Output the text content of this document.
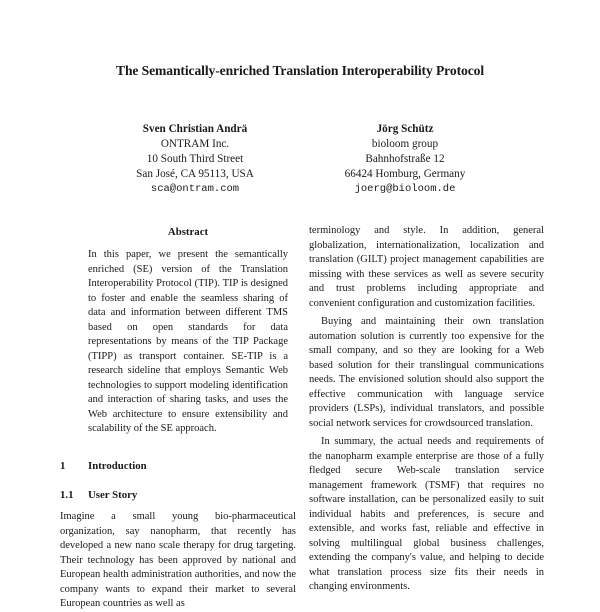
The Semantically-enriched Translation Interoperability Protocol
Sven Christian Andrä
ONTRAM Inc.
10 South Third Street
San José, CA 95113, USA
sca@ontram.com
Jörg Schütz
bioloom group
Bahnhofstraße 12
66424 Homburg, Germany
joerg@bioloom.de
Abstract

In this paper, we present the semantically enriched (SE) version of the Translation Interoperability Protocol (TIP). TIP is designed to foster and enable the seamless sharing of data and information between different TMS based on open standards for data representations by means of the TIP Package (TIPP) as transport container. SE-TIP is a research sideline that employs Semantic Web technologies to support modeling identification and interaction of sharing tasks, and uses the Web architecture to ensure extensibility and scalability of the SE approach.

1 Introduction
1.1 User Story

Imagine a small young bio-pharmaceutical organization, say nanopharm, that recently has developed a new nano scale therapy for drug targeting. Their technology has been approved by national and European health administration authorities, and now the company wants to expand their market to several European countries as well as

terminology and style. In addition, general globalization, internationalization, localization and translation (GILT) project management capabilities are missing with these services as well as severe security and trust problems including appropriate and convenient configuration and customization facilities.

Buying and maintaining their own translation automation solution is currently too expensive for the small company, and so they are looking for a Web based solution for their translingual communications needs. The envisioned solution should also support the effective communication with language service providers (LSPs), individual translators, and possible social network services for crowdsourced translation.

In summary, the actual needs and requirements of the nanopharm example enterprise are those of a fully fledged secure Web-scale translation service management framework (TSMF) that requires no software installation, can be personalized easily to suit individual habits and preferences, is secure and extensible, and works fast, reliable and effective in solving multilingual global business challenges, extending the company's value, and helping to decide what translation process size fits their needs in changing environments.
